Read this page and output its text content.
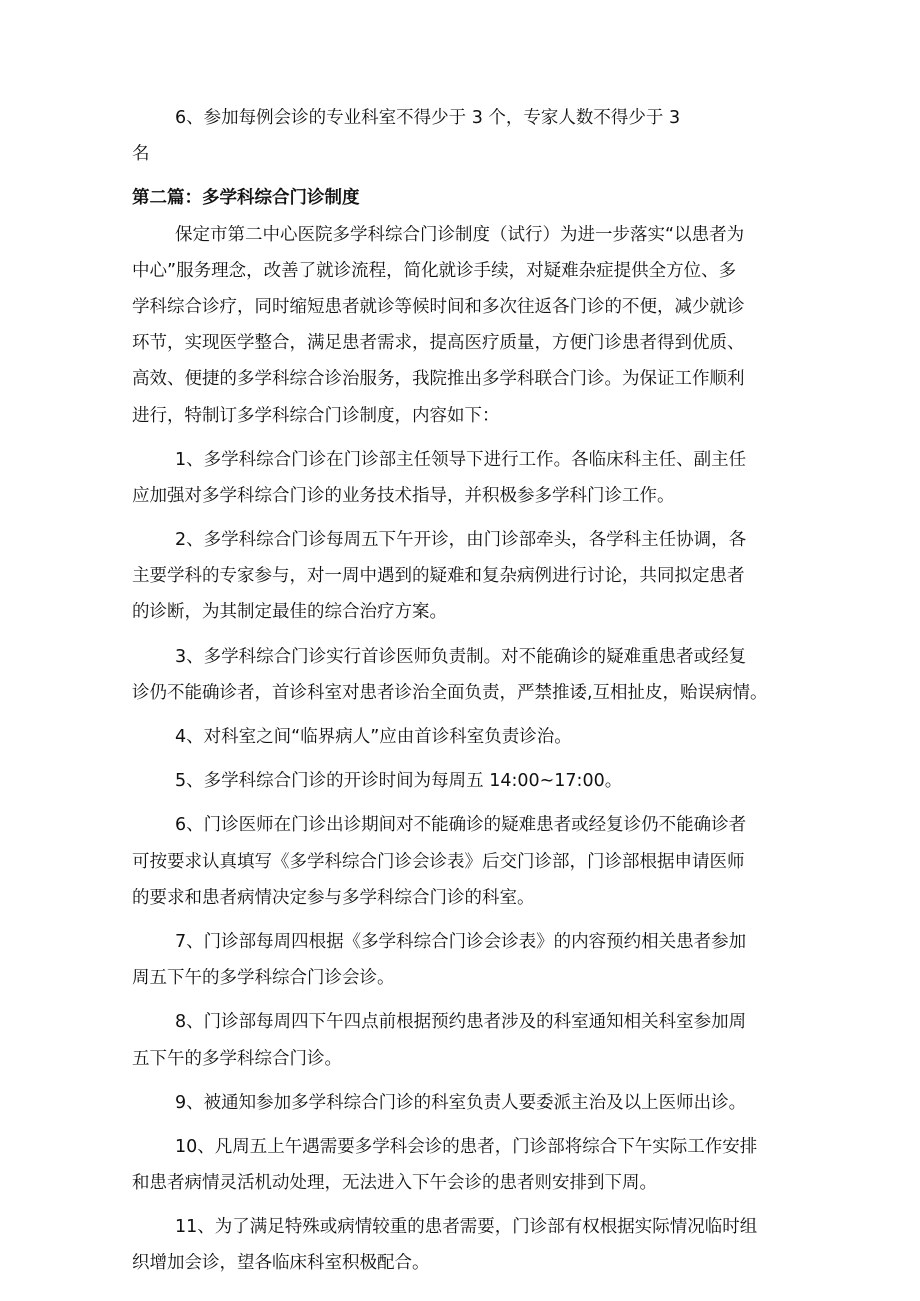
6、参加每例会诊的专业科室不得少于 3 个，专家人数不得少于 3
名
第二篇：多学科综合门诊制度
保定市第二中心医院多学科综合门诊制度（试行）为进一步落实“以患者为
中心”服务理念，改善了就诊流程，简化就诊手续，对疑难杂症提供全方位、多
学科综合诊疗，同时缩短患者就诊等候时间和多次往返各门诊的不便，减少就诊
环节，实现医学整合，满足患者需求，提高医疗质量，方便门诊患者得到优质、
高效、便捷的多学科综合诊治服务，我院推出多学科联合门诊。为保证工作顺利
进行，特制订多学科综合门诊制度，内容如下：
1、多学科综合门诊在门诊部主任领导下进行工作。各临床科主任、副主任
应加强对多学科综合门诊的业务技术指导，并积极参多学科门诊工作。
2、多学科综合门诊每周五下午开诊，由门诊部牵头，各学科主任协调，各
主要学科的专家参与，对一周中遇到的疑难和复杂病例进行讨论，共同拟定患者
的诊断，为其制定最佳的综合治疗方案。
3、多学科综合门诊实行首诊医师负责制。对不能确诊的疑难重患者或经复
诊仍不能确诊者，首诊科室对患者诊治全面负责，严禁推诿,互相扯皮，贻误病情。
4、对科室之间“临界病人”应由首诊科室负责诊治。
5、多学科综合门诊的开诊时间为每周五 14:00~17:00。
6、门诊医师在门诊出诊期间对不能确诊的疑难患者或经复诊仍不能确诊者
可按要求认真填写《多学科综合门诊会诊表》后交门诊部，门诊部根据申请医师
的要求和患者病情决定参与多学科综合门诊的科室。
7、门诊部每周四根据《多学科综合门诊会诊表》的内容预约相关患者参加
周五下午的多学科综合门诊会诊。
8、门诊部每周四下午四点前根据预约患者涉及的科室通知相关科室参加周
五下午的多学科综合门诊。
9、被通知参加多学科综合门诊的科室负责人要委派主治及以上医师出诊。
10、凡周五上午遇需要多学科会诊的患者，门诊部将综合下午实际工作安排
和患者病情灵活机动处理，无法进入下午会诊的患者则安排到下周。
11、为了满足特殊或病情较重的患者需要，门诊部有权根据实际情况临时组
织增加会诊，望各临床科室积极配合。
